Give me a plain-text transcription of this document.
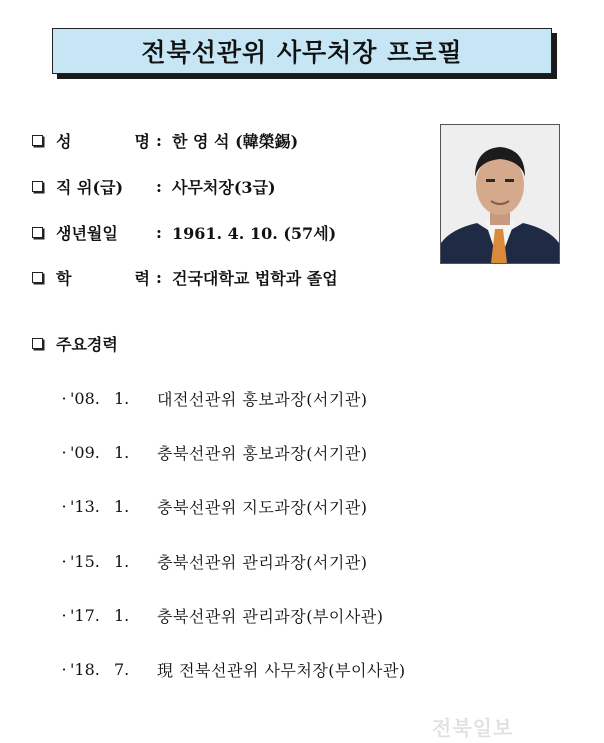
전북선관위 사무처장 프로필
성	명 : 한 영 석 (韓榮錫)
직 위(급)	: 사무처장(3급)
생년월일	: 1961. 4. 10. (57세)
학	력 : 건국대학교 법학과 졸업
주요경력
· '08. 1.	대전선관위 홍보과장(서기관)
· '09. 1.	충북선관위 홍보과장(서기관)
· '13. 1.	충북선관위 지도과장(서기관)
· '15. 1.	충북선관위 관리과장(서기관)
· '17. 1.	충북선관위 관리과장(부이사관)
· '18. 7.	現 전북선관위 사무처장(부이사관)
전북일보
